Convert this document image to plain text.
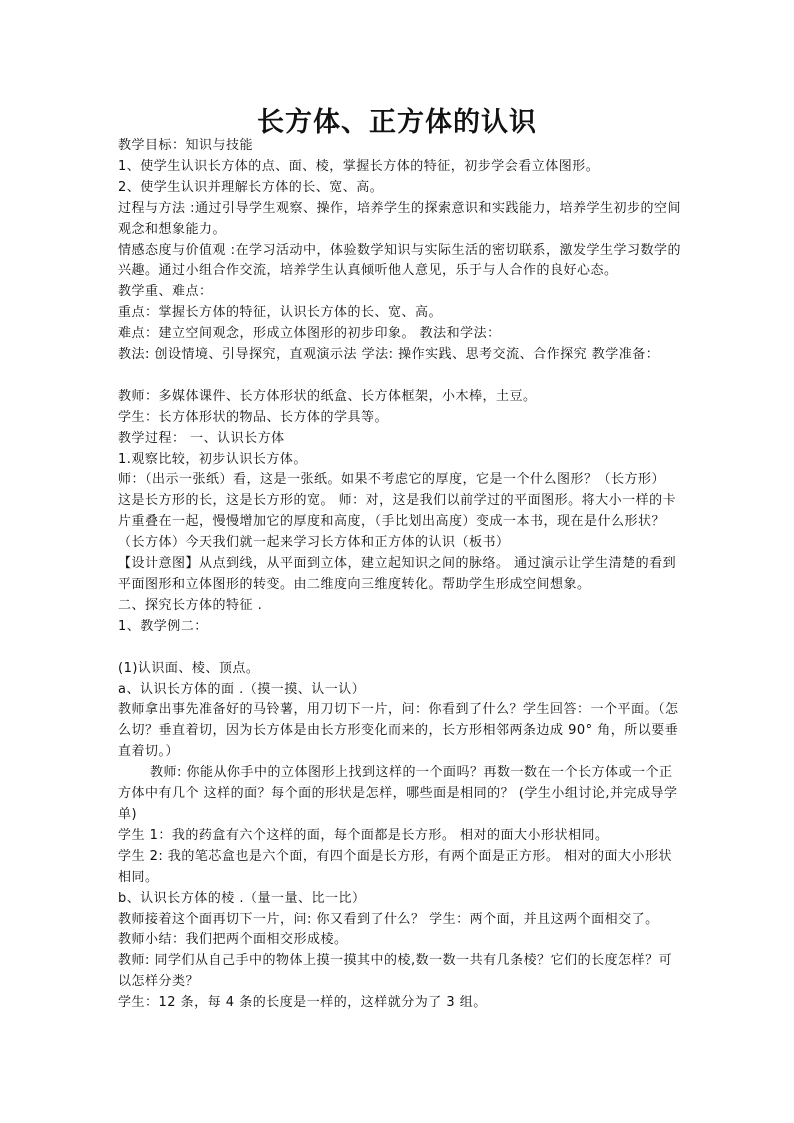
长方体、正方体的认识

教学目标：知识与技能

1、使学生认识长方体的点、面、棱，掌握长方体的特征，初步学会看立体图形。

2、使学生认识并理解长方体的长、宽、高。

过程与方法 :通过引导学生观察、操作，培养学生的探索意识和实践能力，培养学生初步的空间观念和想象能力。

情感态度与价值观 :在学习活动中，体验数学知识与实际生活的密切联系，激发学生学习数学的兴趣。通过小组合作交流，培养学生认真倾听他人意见，乐于与人合作的良好心态。

教学重、难点：

重点：掌握长方体的特征，认识长方体的长、宽、高。

难点：建立空间观念，形成立体图形的初步印象。 教法和学法：

教法: 创设情境、引导探究，直观演示法 学法: 操作实践、思考交流、合作探究 教学准备：

教师：多媒体课件、长方体形状的纸盒、长方体框架，小木棒，土豆。

学生：长方体形状的物品、长方体的学具等。

教学过程： 一、认识长方体

1.观察比较，初步认识长方体。

师：（出示一张纸）看，这是一张纸。如果不考虑它的厚度，它是一个什么图形？（长方形） 这是长方形的长，这是长方形的宽。 师：对，这是我们以前学过的平面图形。将大小一样的卡片重叠在一起，慢慢增加它的厚度和高度，（手比划出高度）变成一本书，现在是什么形状？（长方体）今天我们就一起来学习长方体和正方体的认识（板书）

【设计意图】从点到线，从平面到立体，建立起知识之间的脉络。 通过演示让学生清楚的看到平面图形和立体图形的转变。由二维度向三维度转化。帮助学生形成空间想象。

二、探究长方体的特征 .

1、教学例二：

(1)认识面、棱、顶点。

a、认识长方体的面 .（摸一摸、认一认）

教师拿出事先准备好的马铃薯，用刀切下一片，问：你看到了什么？学生回答：一个平面。（怎么切？垂直着切，因为长方体是由长方形变化而来的，长方形相邻两条边成 90° 角，所以要垂直着切。）

教师: 你能从你手中的立体图形上找到这样的一个面吗？再数一数在一个长方体或一个正方体中有几个 这样的面？每个面的形状是怎样，哪些面是相同的？ (学生小组讨论,并完成导学单)

学生 1：我的药盒有六个这样的面，每个面都是长方形。 相对的面大小形状相同。

学生 2: 我的笔芯盒也是六个面，有四个面是长方形，有两个面是正方形。 相对的面大小形状相同。

b、认识长方体的棱 .（量一量、比一比）

教师接着这个面再切下一片，问: 你又看到了什么？ 学生：两个面，并且这两个面相交了。

教师小结：我们把两个面相交形成棱。

教师: 同学们从自己手中的物体上摸一摸其中的棱,数一数一共有几条棱？它们的长度怎样？可以怎样分类？

学生：12 条，每 4 条的长度是一样的，这样就分为了 3 组。
